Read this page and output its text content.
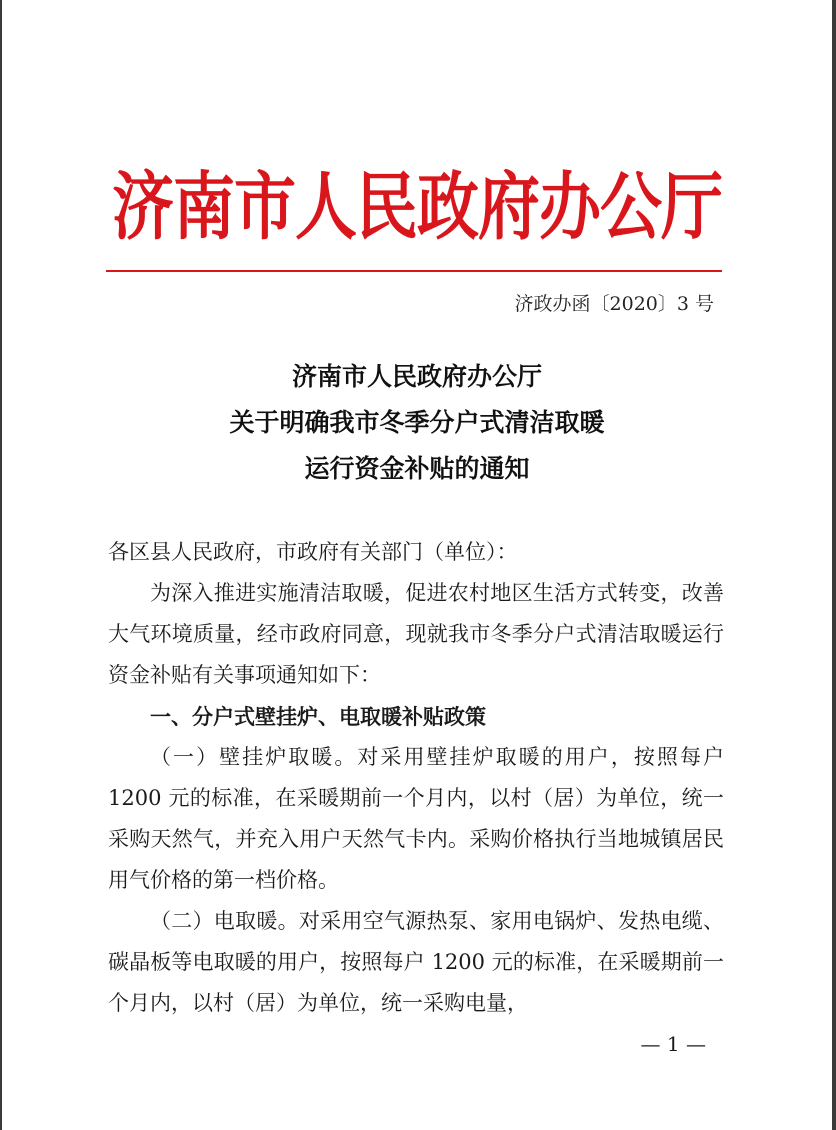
济南市人民政府办公厅
济政办函〔2020〕3 号
济南市人民政府办公厅
关于明确我市冬季分户式清洁取暖
运行资金补贴的通知

各区县人民政府，市政府有关部门（单位）：

为深入推进实施清洁取暖，促进农村地区生活方式转变，改善大气环境质量，经市政府同意，现就我市冬季分户式清洁取暖运行资金补贴有关事项通知如下：

一、分户式壁挂炉、电取暖补贴政策

（一）壁挂炉取暖。对采用壁挂炉取暖的用户，按照每户 1200 元的标准，在采暖期前一个月内，以村（居）为单位，统一采购天然气，并充入用户天然气卡内。采购价格执行当地城镇居民用气价格的第一档价格。

（二）电取暖。对采用空气源热泵、家用电锅炉、发热电缆、碳晶板等电取暖的用户，按照每户 1200 元的标准，在采暖期前一个月内，以村（居）为单位，统一采购电量，

— 1 —
